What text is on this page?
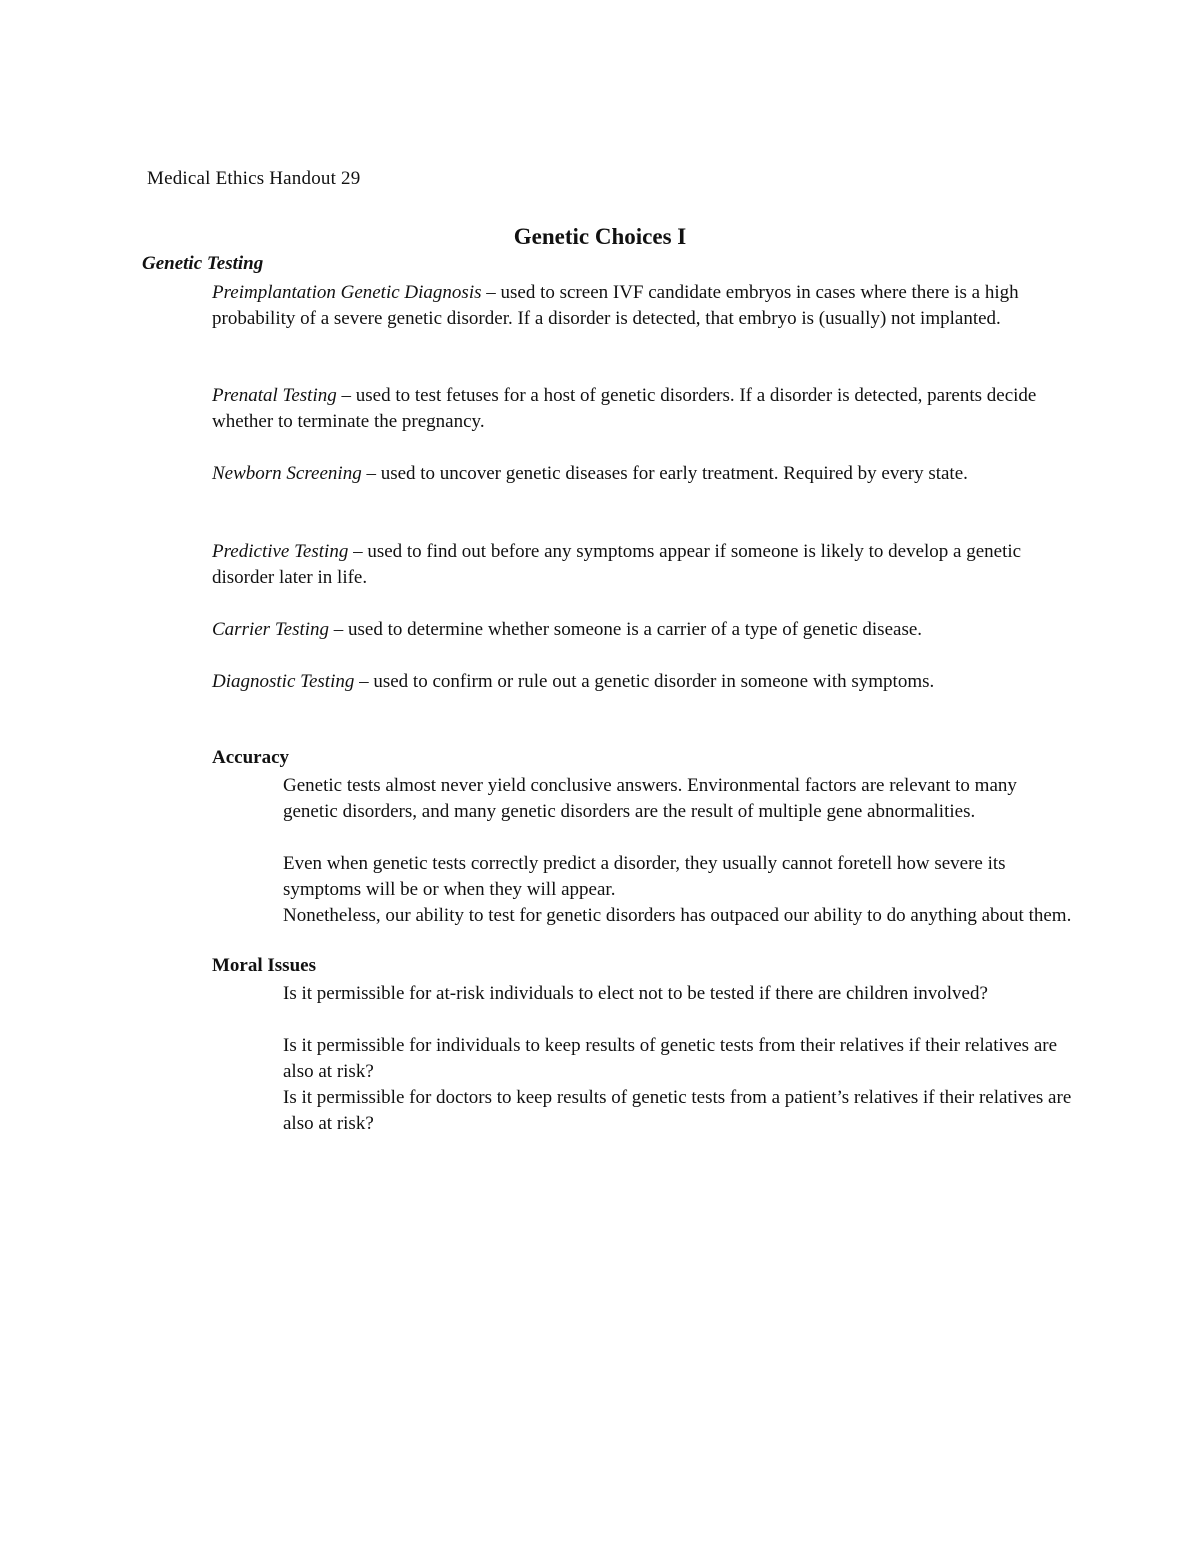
Medical Ethics Handout 29
Genetic Choices I
Genetic Testing
Preimplantation Genetic Diagnosis – used to screen IVF candidate embryos in cases where there is a high probability of a severe genetic disorder. If a disorder is detected, that embryo is (usually) not implanted.
Prenatal Testing – used to test fetuses for a host of genetic disorders. If a disorder is detected, parents decide whether to terminate the pregnancy.
Newborn Screening – used to uncover genetic diseases for early treatment. Required by every state.
Predictive Testing – used to find out before any symptoms appear if someone is likely to develop a genetic disorder later in life.
Carrier Testing – used to determine whether someone is a carrier of a type of genetic disease.
Diagnostic Testing – used to confirm or rule out a genetic disorder in someone with symptoms.
Accuracy
Genetic tests almost never yield conclusive answers. Environmental factors are relevant to many genetic disorders, and many genetic disorders are the result of multiple gene abnormalities.
Even when genetic tests correctly predict a disorder, they usually cannot foretell how severe its symptoms will be or when they will appear.
Nonetheless, our ability to test for genetic disorders has outpaced our ability to do anything about them.
Moral Issues
Is it permissible for at-risk individuals to elect not to be tested if there are children involved?
Is it permissible for individuals to keep results of genetic tests from their relatives if their relatives are also at risk?
Is it permissible for doctors to keep results of genetic tests from a patient’s relatives if their relatives are also at risk?
